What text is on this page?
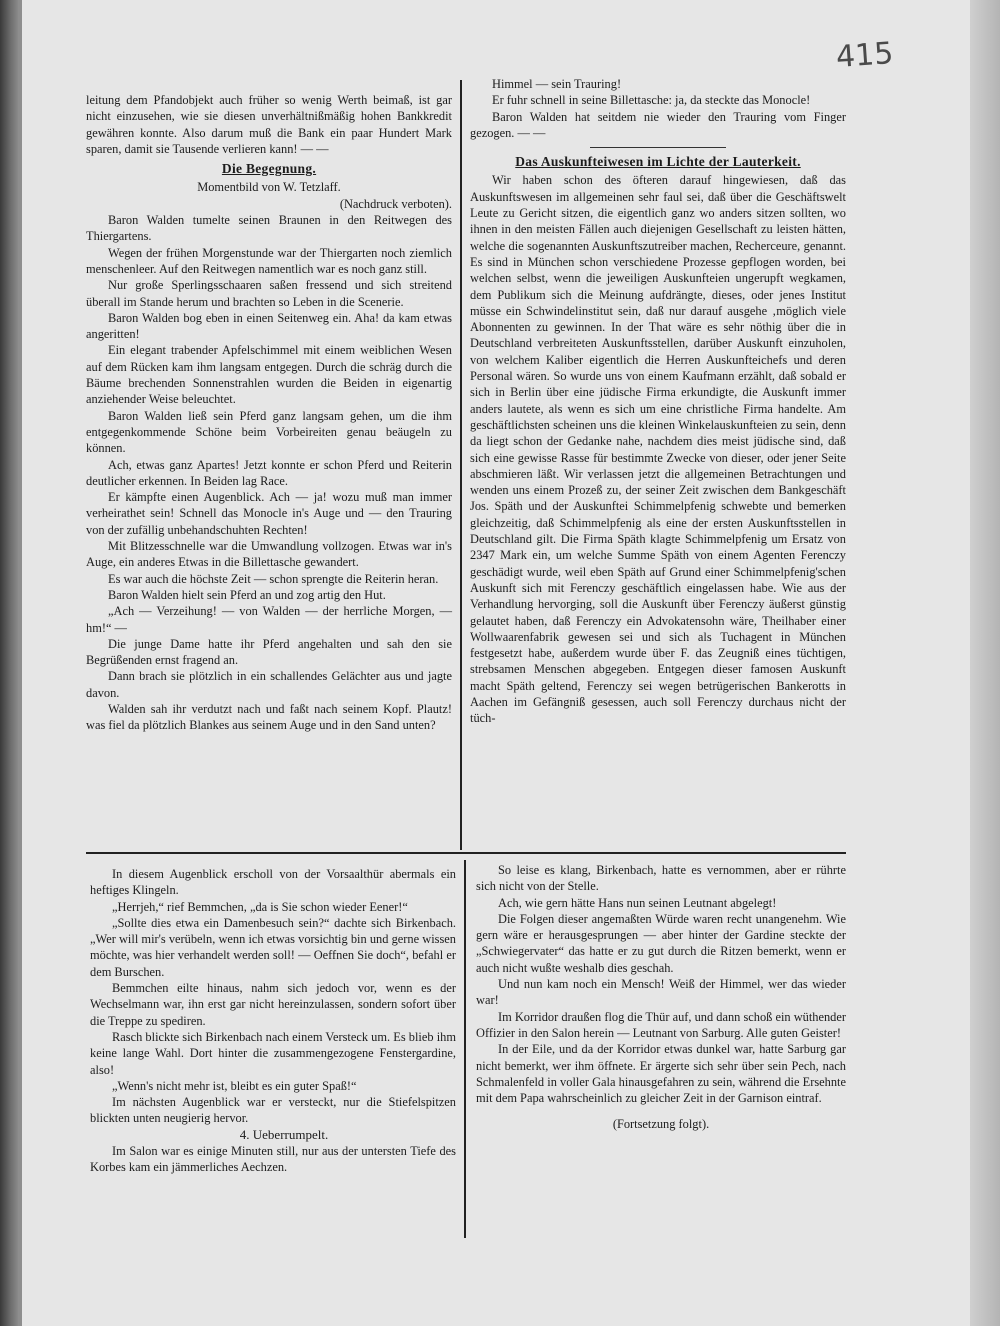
415

leitung dem Pfandobjekt auch früher so wenig Werth beimaß, ist gar nicht einzusehen, wie sie diesen unverhältnißmäßig hohen Bankkredit gewähren konnte. Also darum muß die Bank ein paar Hundert Mark sparen, damit sie Tausende verlieren kann! — —

Die Begegnung.

Momentbild von W. Tetzlaff.

(Nachdruck verboten).

Baron Walden tumelte seinen Braunen in den Reitwegen des Thiergartens.

Wegen der frühen Morgenstunde war der Thiergarten noch ziemlich menschenleer. Auf den Reitwegen namentlich war es noch ganz still.

Nur große Sperlingsschaaren saßen fressend und sich streitend überall im Stande herum und brachten so Leben in die Scenerie.

Baron Walden bog eben in einen Seitenweg ein. Aha! da kam etwas angeritten!

Ein elegant trabender Apfelschimmel mit einem weiblichen Wesen auf dem Rücken kam ihm langsam entgegen. Durch die schräg durch die Bäume brechenden Sonnenstrahlen wurden die Beiden in eigenartig anziehender Weise beleuchtet.

Baron Walden ließ sein Pferd ganz langsam gehen, um die ihm entgegenkommende Schöne beim Vorbeireiten genau beäugeln zu können.

Ach, etwas ganz Apartes! Jetzt konnte er schon Pferd und Reiterin deutlicher erkennen. In Beiden lag Race.

Er kämpfte einen Augenblick. Ach — ja! wozu muß man immer verheirathet sein! Schnell das Monocle in's Auge und — den Trauring von der zufällig unbehandschuhten Rechten!

Mit Blitzesschnelle war die Umwandlung vollzogen. Etwas war in's Auge, ein anderes Etwas in die Billettasche gewandert.

Es war auch die höchste Zeit — schon sprengte die Reiterin heran.

Baron Walden hielt sein Pferd an und zog artig den Hut.

„Ach — Verzeihung! — von Walden — der herrliche Morgen, — hm!“ —

Die junge Dame hatte ihr Pferd angehalten und sah den sie Begrüßenden ernst fragend an.

Dann brach sie plötzlich in ein schallendes Gelächter aus und jagte davon.

Walden sah ihr verdutzt nach und faßt nach seinem Kopf. Plautz! was fiel da plötzlich Blankes aus seinem Auge und in den Sand unten?

Himmel — sein Trauring!

Er fuhr schnell in seine Billettasche: ja, da steckte das Monocle!

Baron Walden hat seitdem nie wieder den Trauring vom Finger gezogen. — —

Das Auskunfteiwesen im Lichte der Lauterkeit.

Wir haben schon des öfteren darauf hingewiesen, daß das Auskunftswesen im allgemeinen sehr faul sei, daß über die Geschäftswelt Leute zu Gericht sitzen, die eigentlich ganz wo anders sitzen sollten, wo ihnen in den meisten Fällen auch diejenigen Gesellschaft zu leisten hätten, welche die sogenannten Auskunftszutreiber machen, Recherceure, genannt. Es sind in München schon verschiedene Prozesse gepflogen worden, bei welchen selbst, wenn die jeweiligen Auskunfteien ungerupft wegkamen, dem Publikum sich die Meinung aufdrängte, dieses, oder jenes Institut müsse ein Schwindelinstitut sein, daß nur darauf ausgehe ‚möglich viele Abonnenten zu gewinnen. In der That wäre es sehr nöthig über die in Deutschland verbreiteten Auskunftsstellen, darüber Auskunft einzuholen, von welchem Kaliber eigentlich die Herren Auskunfteichefs und deren Personal wären. So wurde uns von einem Kaufmann erzählt, daß sobald er sich in Berlin über eine jüdische Firma erkundigte, die Auskunft immer anders lautete, als wenn es sich um eine christliche Firma handelte. Am geschäftlichsten scheinen uns die kleinen Winkelauskunfteien zu sein, denn da liegt schon der Gedanke nahe, nachdem dies meist jüdische sind, daß sich eine gewisse Rasse für bestimmte Zwecke von dieser, oder jener Seite abschmieren läßt. Wir verlassen jetzt die allgemeinen Betrachtungen und wenden uns einem Prozeß zu, der seiner Zeit zwischen dem Bankgeschäft Jos. Späth und der Auskunftei Schimmelpfenig schwebte und bemerken gleichzeitig, daß Schimmelpfenig als eine der ersten Auskunftsstellen in Deutschland gilt. Die Firma Späth klagte Schimmelpfenig um Ersatz von 2347 Mark ein, um welche Summe Späth von einem Agenten Ferenczy geschädigt wurde, weil eben Späth auf Grund einer Schimmelpfenig'schen Auskunft sich mit Ferenczy geschäftlich eingelassen habe. Wie aus der Verhandlung hervorging, soll die Auskunft über Ferenczy äußerst günstig gelautet haben, daß Ferenczy ein Advokatensohn wäre, Theilhaber einer Wollwaarenfabrik gewesen sei und sich als Tuchagent in München festgesetzt habe, außerdem wurde über F. das Zeugniß eines tüchtigen, strebsamen Menschen abgegeben. Entgegen dieser famosen Auskunft macht Späth geltend, Ferenczy sei wegen betrügerischen Bankerotts in Aachen im Gefängniß gesessen, auch soll Ferenczy durchaus nicht der tüch-

In diesem Augenblick erscholl von der Vorsaalthür abermals ein heftiges Klingeln.

„Herrjeh,“ rief Bemmchen, „da is Sie schon wieder Eener!“

„Sollte dies etwa ein Damenbesuch sein?“ dachte sich Birkenbach. „Wer will mir's verübeln, wenn ich etwas vorsichtig bin und gerne wissen möchte, was hier verhandelt werden soll! — Oeffnen Sie doch“, befahl er dem Burschen.

Bemmchen eilte hinaus, nahm sich jedoch vor, wenn es der Wechselmann war, ihn erst gar nicht hereinzulassen, sondern sofort über die Treppe zu spediren.

Rasch blickte sich Birkenbach nach einem Versteck um. Es blieb ihm keine lange Wahl. Dort hinter die zusammengezogene Fenstergardine, also!

„Wenn's nicht mehr ist, bleibt es ein guter Spaß!“

Im nächsten Augenblick war er versteckt, nur die Stiefelspitzen blickten unten neugierig hervor.

4. Ueberrumpelt.

Im Salon war es einige Minuten still, nur aus der untersten Tiefe des Korbes kam ein jämmerliches Aechzen.

So leise es klang, Birkenbach, hatte es vernommen, aber er rührte sich nicht von der Stelle.

Ach, wie gern hätte Hans nun seinen Leutnant abgelegt!

Die Folgen dieser angemaßten Würde waren recht unangenehm. Wie gern wäre er herausgesprungen — aber hinter der Gardine steckte der „Schwiegervater“ das hatte er zu gut durch die Ritzen bemerkt, wenn er auch nicht wußte weshalb dies geschah.

Und nun kam noch ein Mensch! Weiß der Himmel, wer das wieder war!

Im Korridor draußen flog die Thür auf, und dann schoß ein wüthender Offizier in den Salon herein — Leutnant von Sarburg. Alle guten Geister!

In der Eile, und da der Korridor etwas dunkel war, hatte Sarburg gar nicht bemerkt, wer ihm öffnete. Er ärgerte sich sehr über sein Pech, nach Schmalenfeld in voller Gala hinausgefahren zu sein, während die Ersehnte mit dem Papa wahrscheinlich zu gleicher Zeit in der Garnison eintraf.

(Fortsetzung folgt).
